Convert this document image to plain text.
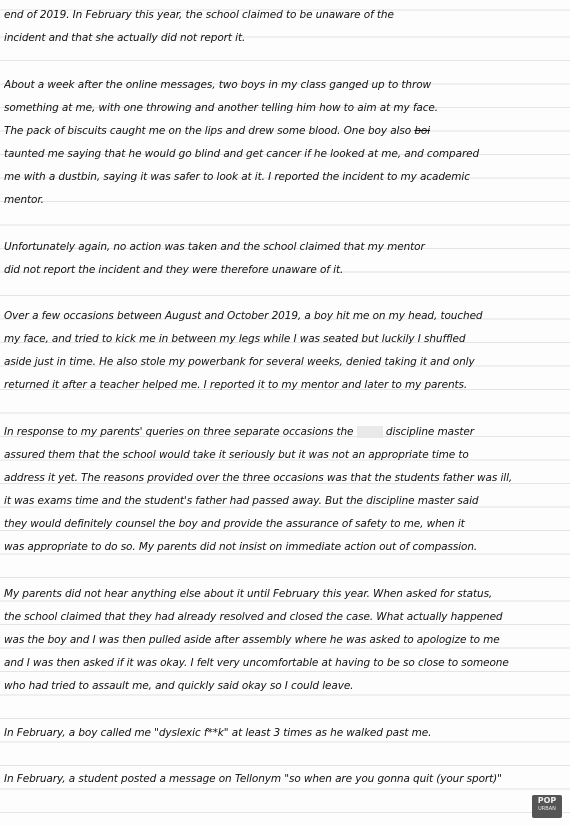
end of 2019. In February this year, the school claimed to be unaware of the
incident and that she actually did not report it.
About a week after the online messages, two boys in my class ganged up to throw
something at me, with one throwing and another telling him how to aim at my face.
The pack of biscuits caught me on the lips and drew some blood. One boy also boi
taunted me saying that he would go blind and get cancer if he looked at me, and compared
me with a dustbin, saying it was safer to look at it. I reported the incident to my academic
mentor.
Unfortunately again, no action was taken and the school claimed that my mentor
did not report the incident and they were therefore unaware of it.
Over a few occasions between August and October 2019, a boy hit me on my head, touched
my face, and tried to kick me in between my legs while I was seated but luckily I shuffled
aside just in time. He also stole my powerbank for several weeks, denied taking it and only
returned it after a teacher helped me. I reported it to my mentor and later to my parents.
In response to my parents' queries on three separate occasions the	discipline master
assured them that the school would take it seriously but it was not an appropriate time to
address it yet. The reasons provided over the three occasions was that the students father was ill,
it was exams time and the student's father had passed away. But the discipline master said
they would definitely counsel the boy and provide the assurance of safety to me, when it
was appropriate to do so. My parents did not insist on immediate action out of compassion.
My parents did not hear anything else about it until February this year. When asked for status,
the school claimed that they had already resolved and closed the case. What actually happened
was the boy and I was then pulled aside after assembly where he was asked to apologize to me
and I was then asked if it was okay. I felt very uncomfortable at having to be so close to someone
who had tried to assault me, and quickly said okay so I could leave.
In February, a boy called me "dyslexic f**k" at least 3 times as he walked past me.
In February, a student posted a message on Tellonym "so when are you gonna quit (your sport)"
POP
URBAN
